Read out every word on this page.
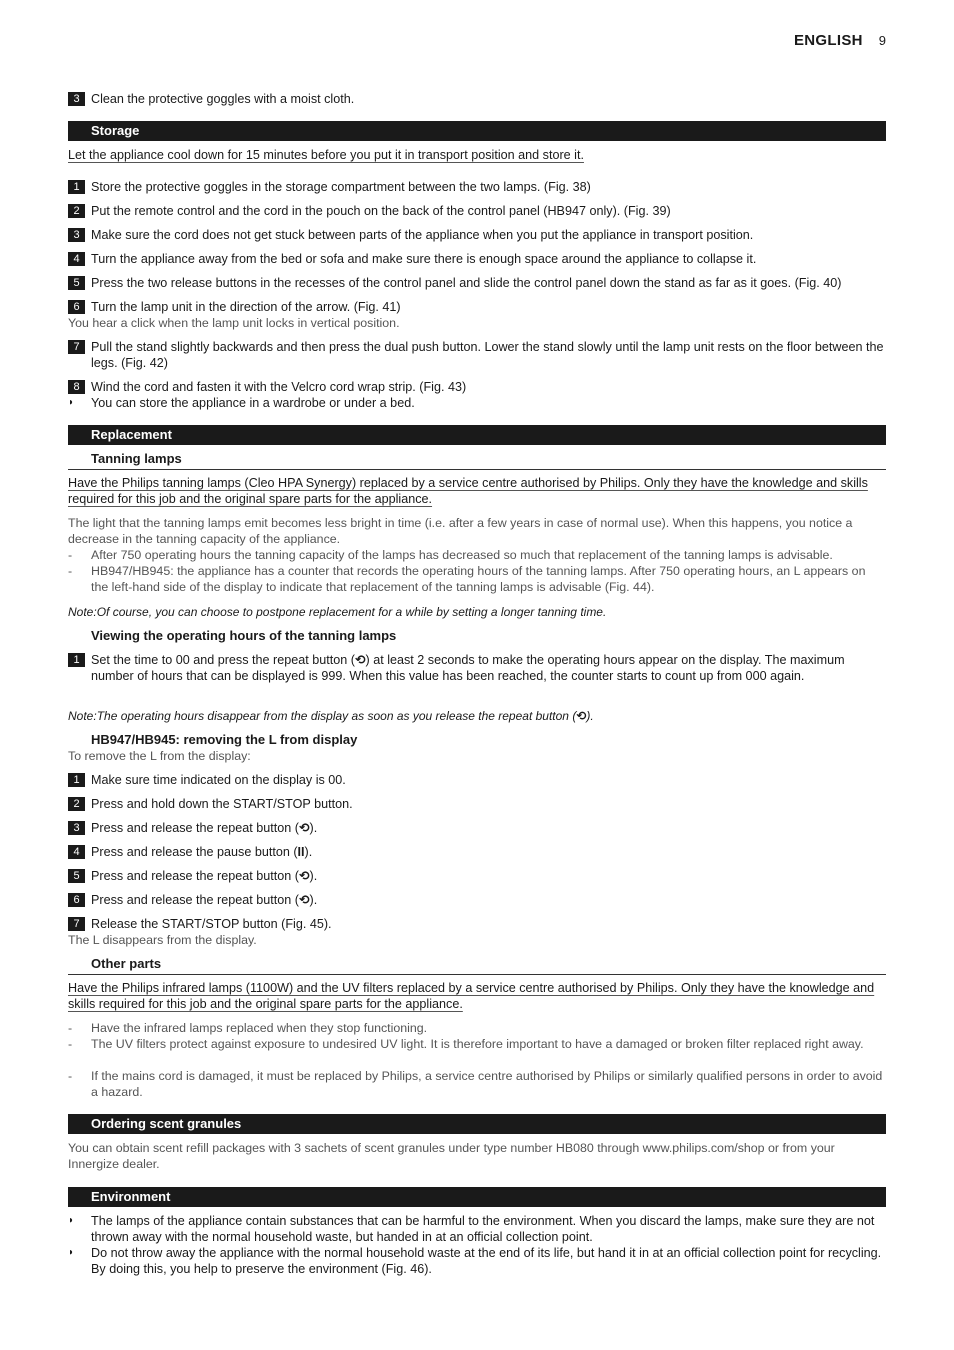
ENGLISH 9
3 Clean the protective goggles with a moist cloth.
Storage
Let the appliance cool down for 15 minutes before you put it in transport position and store it.
1 Store the protective goggles in the storage compartment between the two lamps. (Fig. 38)
2 Put the remote control and the cord in the pouch on the back of the control panel (HB947 only). (Fig. 39)
3 Make sure the cord does not get stuck between parts of the appliance when you put the appliance in transport position.
4 Turn the appliance away from the bed or sofa and make sure there is enough space around the appliance to collapse it.
5 Press the two release buttons in the recesses of the control panel and slide the control panel down the stand as far as it goes. (Fig. 40)
6 Turn the lamp unit in the direction of the arrow. (Fig. 41)
You hear a click when the lamp unit locks in vertical position.
7 Pull the stand slightly backwards and then press the dual push button. Lower the stand slowly until the lamp unit rests on the floor between the legs. (Fig. 42)
8 Wind the cord and fasten it with the Velcro cord wrap strip. (Fig. 43)
◗ You can store the appliance in a wardrobe or under a bed.
Replacement
Tanning lamps
Have the Philips tanning lamps (Cleo HPA Synergy) replaced by a service centre authorised by Philips. Only they have the knowledge and skills required for this job and the original spare parts for the appliance.
The light that the tanning lamps emit becomes less bright in time (i.e. after a few years in case of normal use). When this happens, you notice a decrease in the tanning capacity of the appliance.
- After 750 operating hours the tanning capacity of the lamps has decreased so much that replacement of the tanning lamps is advisable.
- HB947/HB945: the appliance has a counter that records the operating hours of the tanning lamps. After 750 operating hours, an L appears on the left-hand side of the display to indicate that replacement of the tanning lamps is advisable (Fig. 44).
Note:Of course, you can choose to postpone replacement for a while by setting a longer tanning time.
Viewing the operating hours of the tanning lamps
1 Set the time to 00 and press the repeat button (⟲) at least 2 seconds to make the operating hours appear on the display. The maximum number of hours that can be displayed is 999. When this value has been reached, the counter starts to count up from 000 again.
Note:The operating hours disappear from the display as soon as you release the repeat button (⟲).
HB947/HB945: removing the L from display
To remove the L from the display:
1 Make sure time indicated on the display is 00.
2 Press and hold down the START/STOP button.
3 Press and release the repeat button (⟲).
4 Press and release the pause button (II).
5 Press and release the repeat button (⟲).
6 Press and release the repeat button (⟲).
7 Release the START/STOP button (Fig. 45).
The L disappears from the display.
Other parts
Have the Philips infrared lamps (1100W) and the UV filters replaced by a service centre authorised by Philips. Only they have the knowledge and skills required for this job and the original spare parts for the appliance.
- Have the infrared lamps replaced when they stop functioning.
- The UV filters protect against exposure to undesired UV light. It is therefore important to have a damaged or broken filter replaced right away.
- If the mains cord is damaged, it must be replaced by Philips, a service centre authorised by Philips or similarly qualified persons in order to avoid a hazard.
Ordering scent granules
You can obtain scent refill packages with 3 sachets of scent granules under type number HB080 through www.philips.com/shop or from your Innergize dealer.
Environment
◗ The lamps of the appliance contain substances that can be harmful to the environment. When you discard the lamps, make sure they are not thrown away with the normal household waste, but handed in at an official collection point.
◗ Do not throw away the appliance with the normal household waste at the end of its life, but hand it in at an official collection point for recycling. By doing this, you help to preserve the environment (Fig. 46).
